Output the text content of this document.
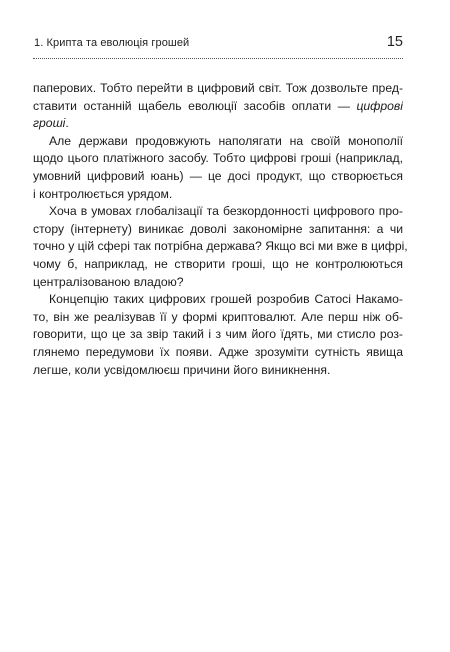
1. Крипта та еволюція грошей	15
паперових. Тобто перейти в цифровий світ. Тож дозвольте пред-
ставити останній щабель еволюції засобів оплати — цифрові
грошi.
Але держави продовжують наполягати на своїй монополії
щодо цього платіжного засобу. Тобто цифрові гроші (наприклад,
умовний цифровий юань) — це досі продукт, що створюється
і контролюється урядом.
Хоча в умовах глобалізації та безкордонності цифрового про-
стору (інтернету) виникає доволі закономірне запитання: а чи
точно у цій сфері так потрібна держава? Якщо всі ми вже в цифрі,
чому б, наприклад, не створити гроші, що не контролюються
централізованою владою?
Концепцію таких цифрових грошей розробив Сатосі Накамо-
то, він же реалізував її у формі криптовалют. Але перш ніж об-
говорити, що це за звір такий і з чим його їдять, ми стисло роз-
глянемо передумови їх появи. Адже зрозуміти сутність явища
легше, коли усвідомлюєш причини його виникнення.
